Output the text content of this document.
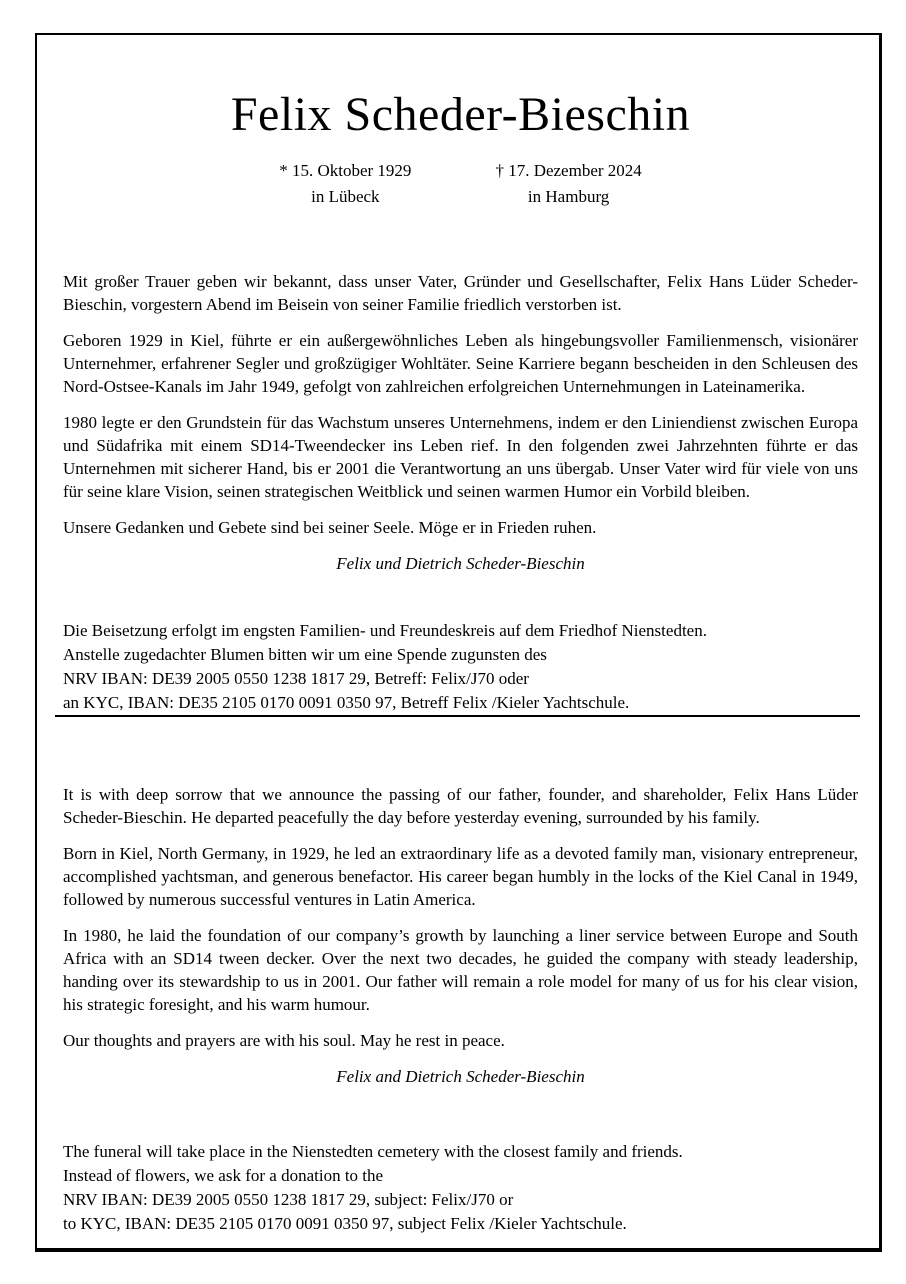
Felix Scheder-Bieschin
* 15. Oktober 1929
in Lübeck
† 17. Dezember 2024
in Hamburg

Mit großer Trauer geben wir bekannt, dass unser Vater, Gründer und Gesellschafter, Felix Hans Lüder Scheder-Bieschin, vorgestern Abend im Beisein von seiner Familie friedlich verstorben ist.

Geboren 1929 in Kiel, führte er ein außergewöhnliches Leben als hingebungsvoller Familienmensch, visionärer Unternehmer, erfahrener Segler und großzügiger Wohltäter. Seine Karriere begann bescheiden in den Schleusen des Nord-Ostsee-Kanals im Jahr 1949, gefolgt von zahlreichen erfolgreichen Unternehmungen in Lateinamerika.

1980 legte er den Grundstein für das Wachstum unseres Unternehmens, indem er den Liniendienst zwischen Europa und Südafrika mit einem SD14-Tweendecker ins Leben rief. In den folgenden zwei Jahrzehnten führte er das Unternehmen mit sicherer Hand, bis er 2001 die Verantwortung an uns übergab. Unser Vater wird für viele von uns für seine klare Vision, seinen strategischen Weitblick und seinen warmen Humor ein Vorbild bleiben.

Unsere Gedanken und Gebete sind bei seiner Seele. Möge er in Frieden ruhen.

Felix und Dietrich Scheder-Bieschin
Die Beisetzung erfolgt im engsten Familien- und Freundeskreis auf dem Friedhof Nienstedten.
Anstelle zugedachter Blumen bitten wir um eine Spende zugunsten des
NRV IBAN: DE39 2005 0550 1238 1817 29, Betreff: Felix/J70 oder
an KYC, IBAN: DE35 2105 0170 0091 0350 97, Betreff Felix /Kieler Yachtschule.

It is with deep sorrow that we announce the passing of our father, founder, and shareholder, Felix Hans Lüder Scheder-Bieschin. He departed peacefully the day before yesterday evening, surrounded by his family.

Born in Kiel, North Germany, in 1929, he led an extraordinary life as a devoted family man, visionary entrepreneur, accomplished yachtsman, and generous benefactor. His career began humbly in the locks of the Kiel Canal in 1949, followed by numerous successful ventures in Latin America.

In 1980, he laid the foundation of our company’s growth by launching a liner service between Europe and South Africa with an SD14 tween decker. Over the next two decades, he guided the company with steady leadership, handing over its stewardship to us in 2001. Our father will remain a role model for many of us for his clear vision, his strategic foresight, and his warm humour.

Our thoughts and prayers are with his soul. May he rest in peace.

Felix and Dietrich Scheder-Bieschin
The funeral will take place in the Nienstedten cemetery with the closest family and friends.
Instead of flowers, we ask for a donation to the
NRV IBAN: DE39 2005 0550 1238 1817 29, subject: Felix/J70 or
to KYC, IBAN: DE35 2105 0170 0091 0350 97, subject Felix /Kieler Yachtschule.
